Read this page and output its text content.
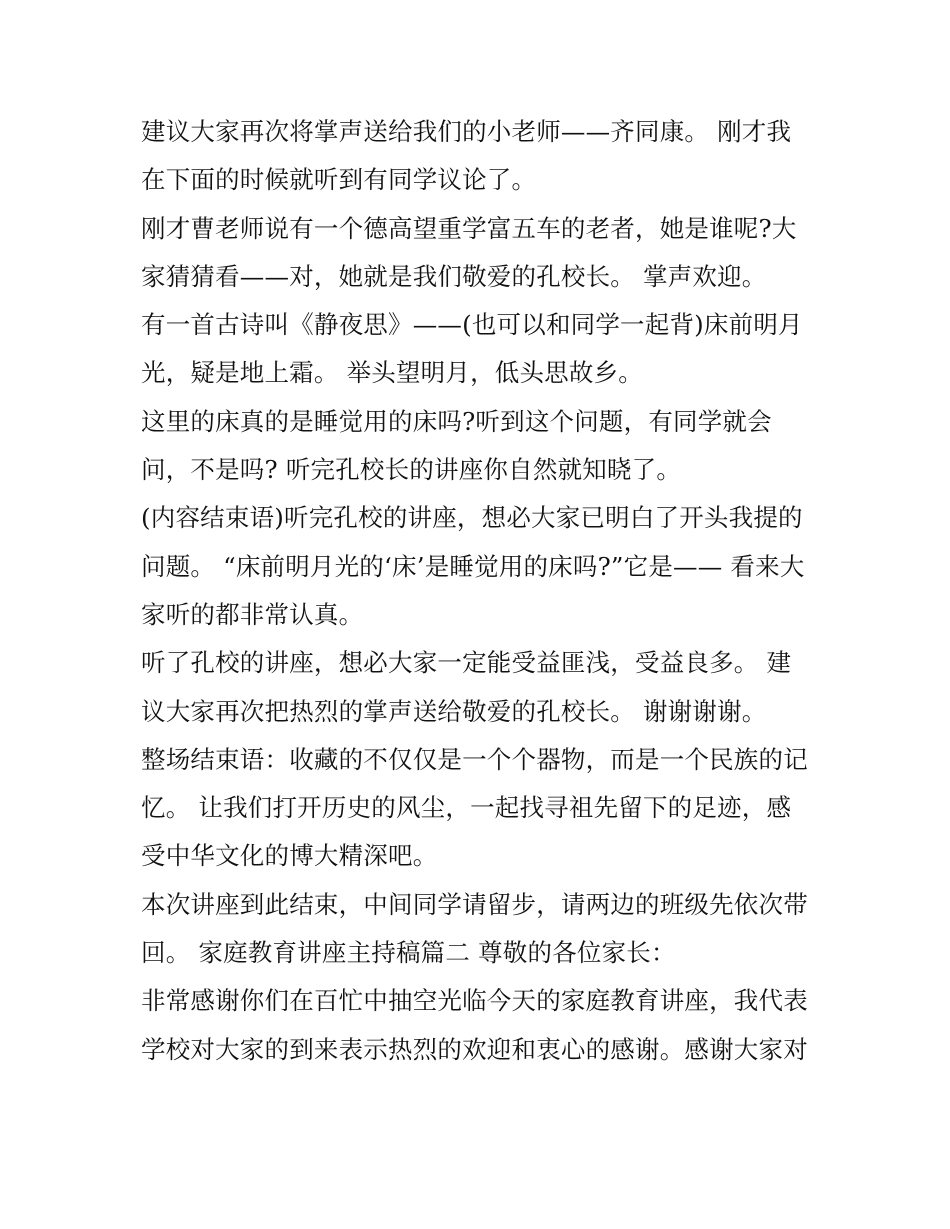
建议大家再次将掌声送给我们的小老师——齐同康。 刚才我
在下面的时候就听到有同学议论了。
刚才曹老师说有一个德高望重学富五车的老者，她是谁呢?大
家猜猜看——对，她就是我们敬爱的孔校长。 掌声欢迎。
有一首古诗叫《静夜思》——(也可以和同学一起背)床前明月
光，疑是地上霜。 举头望明月，低头思故乡。
这里的床真的是睡觉用的床吗?听到这个问题，有同学就会
问，不是吗? 听完孔校长的讲座你自然就知晓了。
(内容结束语)听完孔校的讲座，想必大家已明白了开头我提的
问题。 “床前明月光的‘床’是睡觉用的床吗?”它是—— 看来大
家听的都非常认真。
听了孔校的讲座，想必大家一定能受益匪浅，受益良多。 建
议大家再次把热烈的掌声送给敬爱的孔校长。 谢谢谢谢。
整场结束语：收藏的不仅仅是一个个器物，而是一个民族的记
忆。 让我们打开历史的风尘，一起找寻祖先留下的足迹，感
受中华文化的博大精深吧。
本次讲座到此结束，中间同学请留步，请两边的班级先依次带
回。 家庭教育讲座主持稿篇二 尊敬的各位家长：
非常感谢你们在百忙中抽空光临今天的家庭教育讲座，我代表
学校对大家的到来表示热烈的欢迎和衷心的感谢。感谢大家对
